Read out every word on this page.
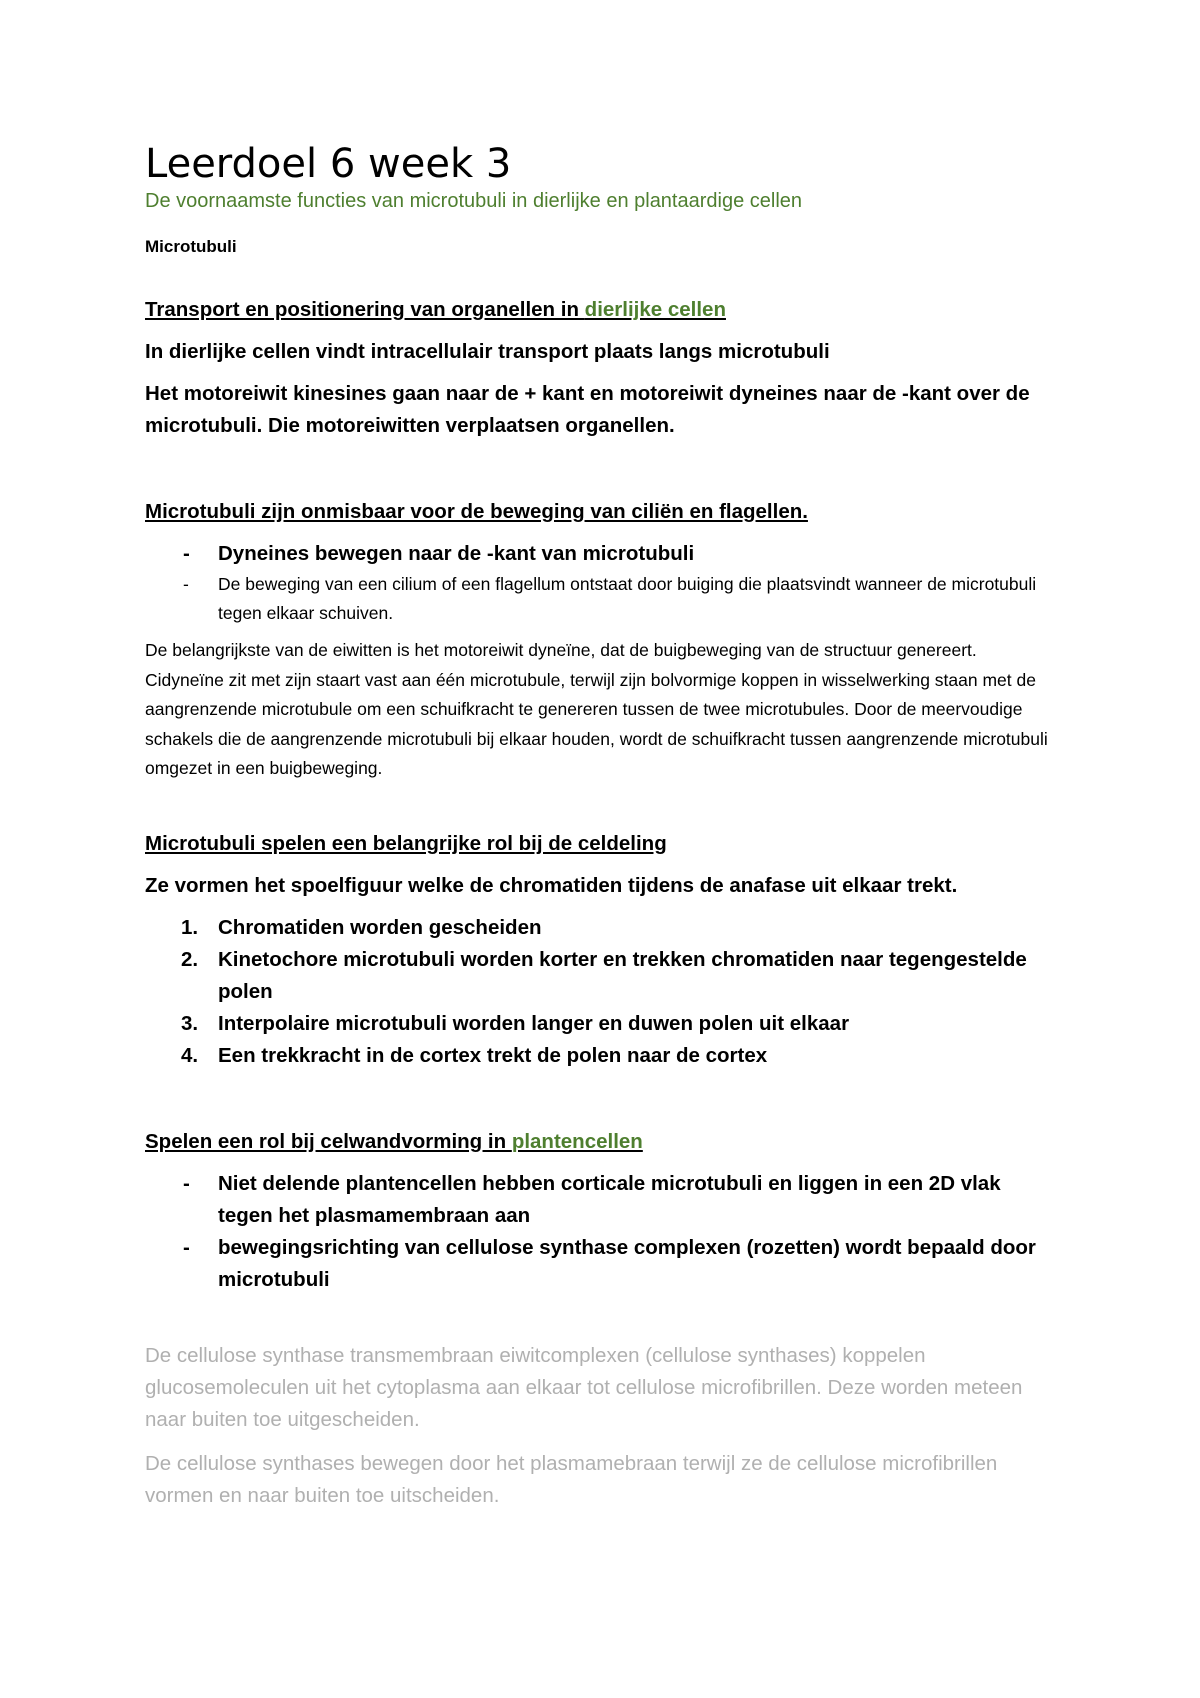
Leerdoel 6 week 3

De voornaamste functies van microtubuli in dierlijke en plantaardige cellen

Microtubuli

Transport en positionering van organellen in dierlijke cellen

In dierlijke cellen vindt intracellulair transport plaats langs microtubuli

Het motoreiwit kinesines gaan naar de + kant en motoreiwit dyneines naar de -kant over de microtubuli. Die motoreiwitten verplaatsen organellen.

Microtubuli zijn onmisbaar voor de beweging van ciliën en flagellen.

- Dyneines bewegen naar de -kant van microtubuli
- De beweging van een cilium of een flagellum ontstaat door buiging die plaatsvindt wanneer de microtubuli tegen elkaar schuiven.

De belangrijkste van de eiwitten is het motoreiwit dyneïne, dat de buigbeweging van de structuur genereert. Cidyneïne zit met zijn staart vast aan één microtubule, terwijl zijn bolvormige koppen in wisselwerking staan met de aangrenzende microtubule om een schuifkracht te genereren tussen de twee microtubules. Door de meervoudige schakels die de aangrenzende microtubuli bij elkaar houden, wordt de schuifkracht tussen aangrenzende microtubuli omgezet in een buigbeweging.

Microtubuli spelen een belangrijke rol bij de celdeling

Ze vormen het spoelfiguur welke de chromatiden tijdens de anafase uit elkaar trekt.

1. Chromatiden worden gescheiden
2. Kinetochore microtubuli worden korter en trekken chromatiden naar tegengestelde polen
3. Interpolaire microtubuli worden langer en duwen polen uit elkaar
4. Een trekkracht in de cortex trekt de polen naar de cortex

Spelen een rol bij celwandvorming in plantencellen

- Niet delende plantencellen hebben corticale microtubuli en liggen in een 2D vlak tegen het plasmamembraan aan
- bewegingsrichting van cellulose synthase complexen (rozetten) wordt bepaald door microtubuli

De cellulose synthase transmembraan eiwitcomplexen (cellulose synthases) koppelen glucosemoleculen uit het cytoplasma aan elkaar tot cellulose microfibrillen. Deze worden meteen naar buiten toe uitgescheiden.

De cellulose synthases bewegen door het plasmamebraan terwijl ze de cellulose microfibrillen vormen en naar buiten toe uitscheiden.
